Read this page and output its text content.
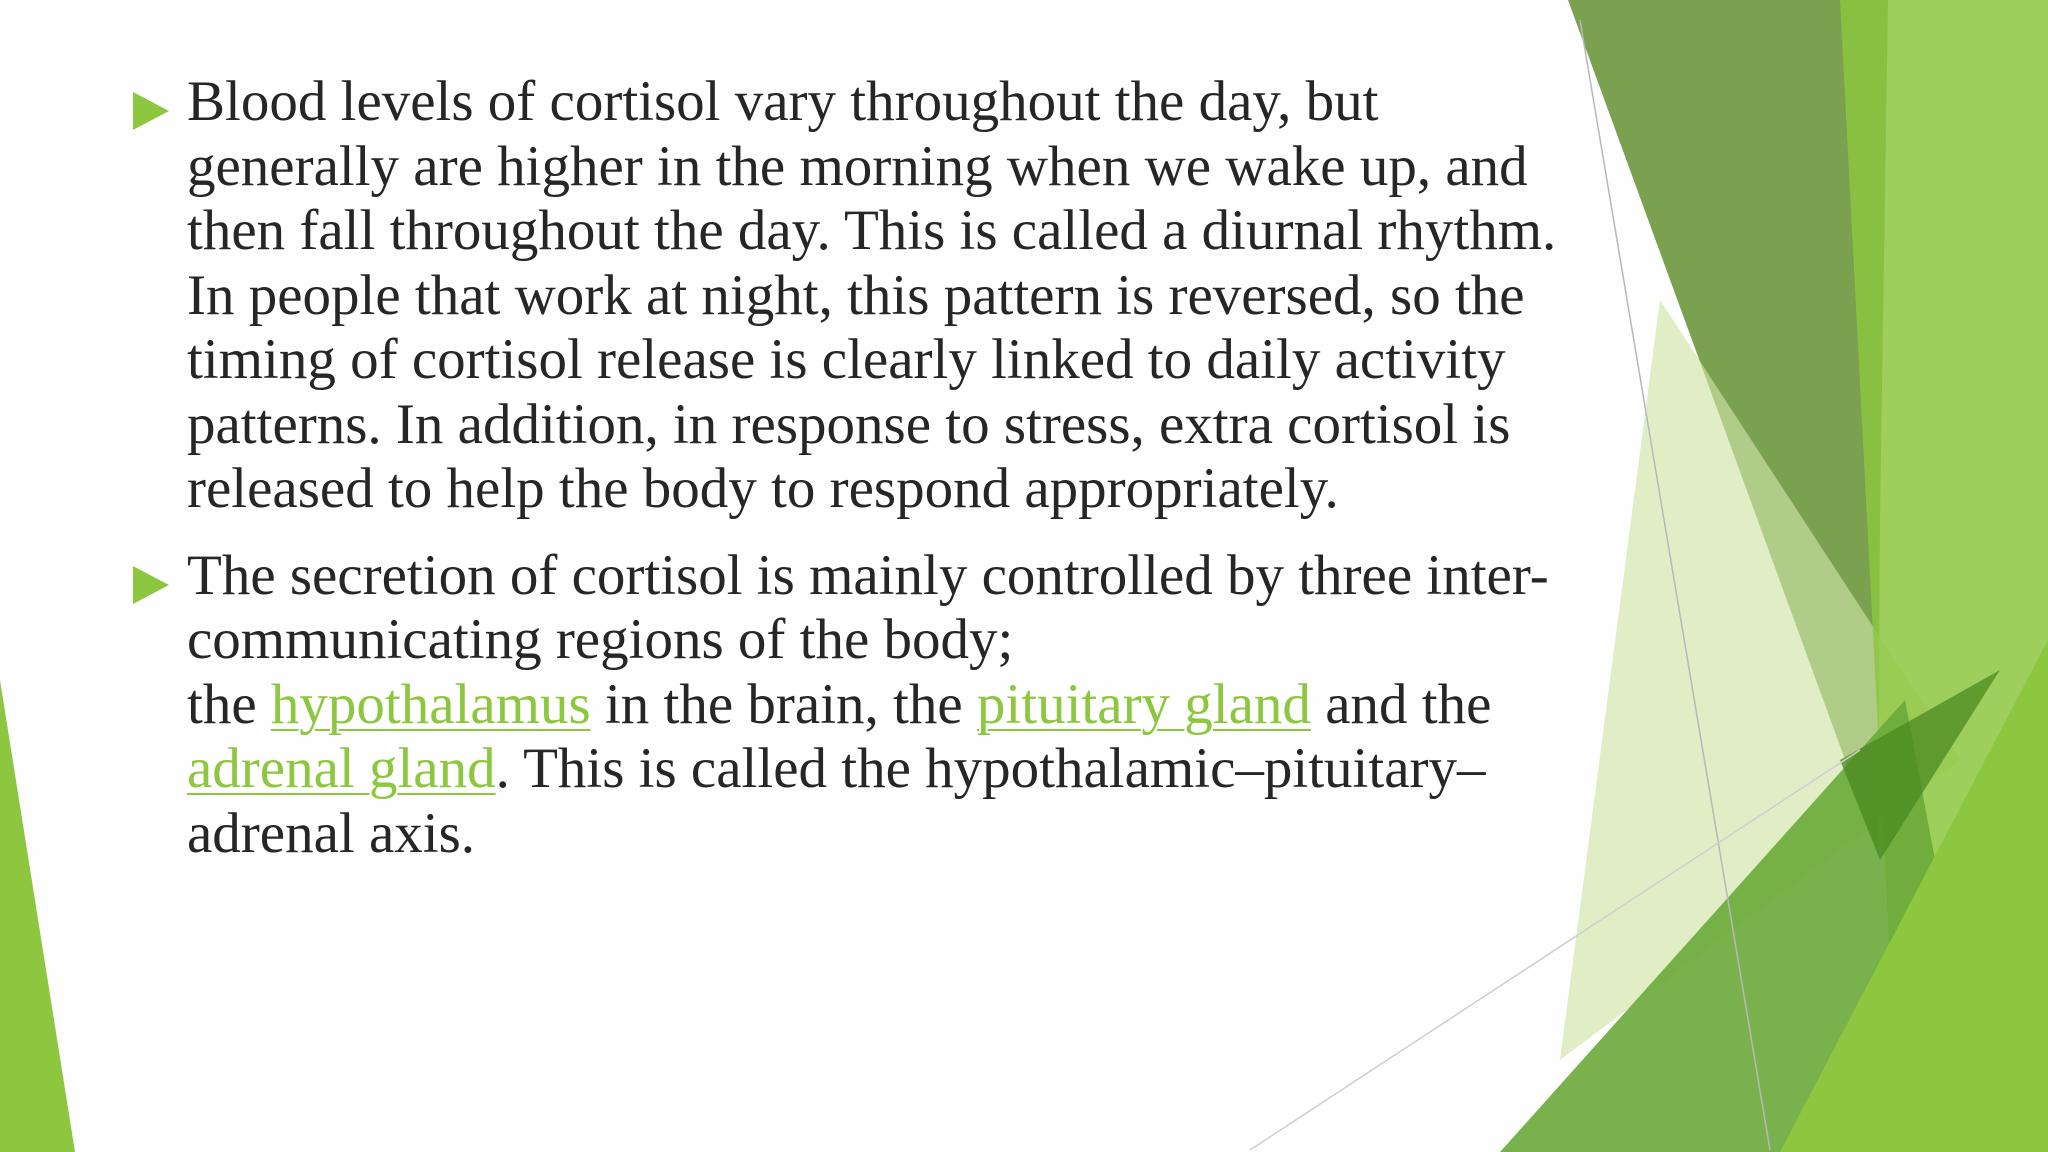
Blood levels of cortisol vary throughout the day, but generally are higher in the morning when we wake up, and then fall throughout the day. This is called a diurnal rhythm. In people that work at night, this pattern is reversed, so the timing of cortisol release is clearly linked to daily activity patterns. In addition, in response to stress, extra cortisol is released to help the body to respond appropriately.

The secretion of cortisol is mainly controlled by three inter-communicating regions of the body;
the hypothalamus in the brain, the pituitary gland and the adrenal gland. This is called the hypothalamic–pituitary–adrenal axis.
